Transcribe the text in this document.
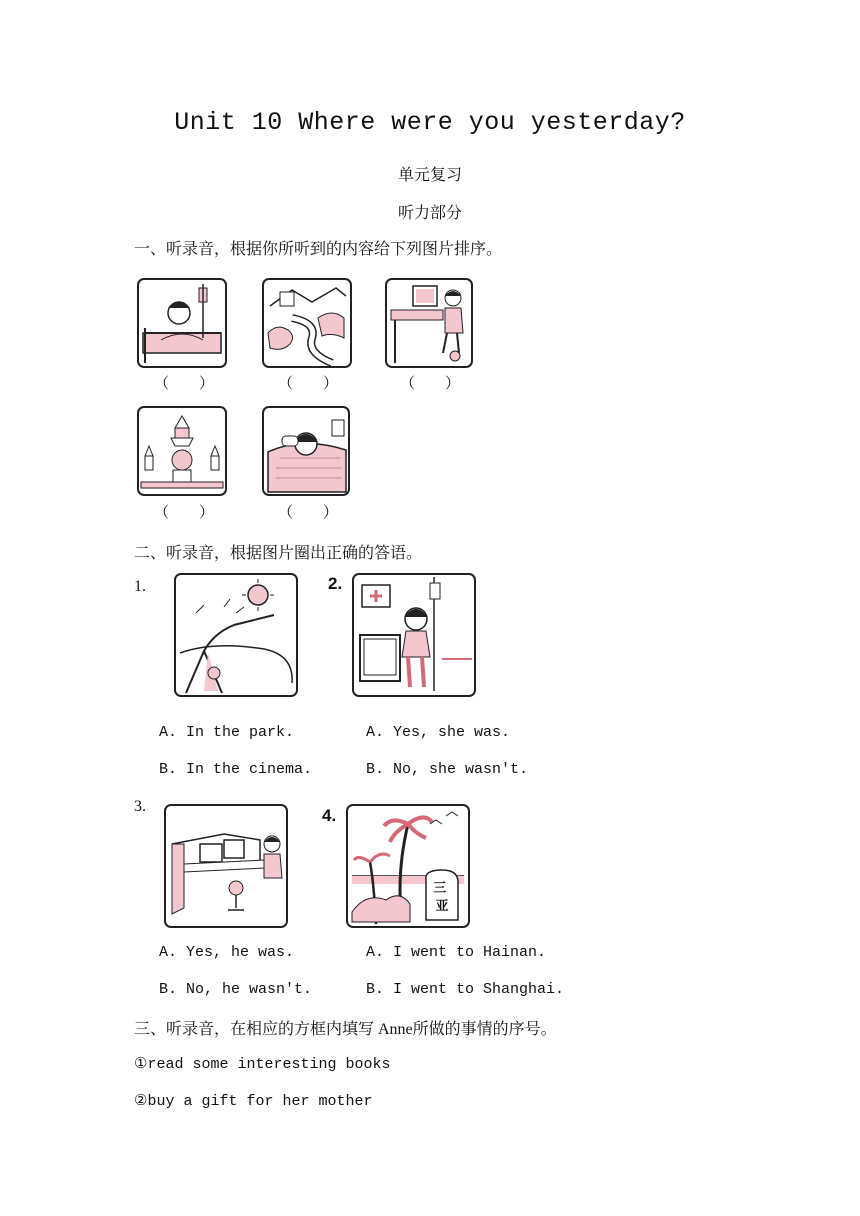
Unit 10 Where were you yesterday?
单元复习
听力部分
一、听录音，根据你所听到的内容给下列图片排序。
（　　）	（　　）	（　　）
（　　）	（　　）
二、听录音，根据图片圈出正确的答语。
1.	2.
A. In the park.
B. In the cinema.
A. Yes, she was.
B. No, she wasn't.
3.	4.
三 亚
A. Yes, he was.
B. No, he wasn't.
A. I went to Hainan.
B. I went to Shanghai.
三、听录音，在相应的方框内填写 Anne所做的事情的序号。
①read some interesting books
②buy a gift for her mother
